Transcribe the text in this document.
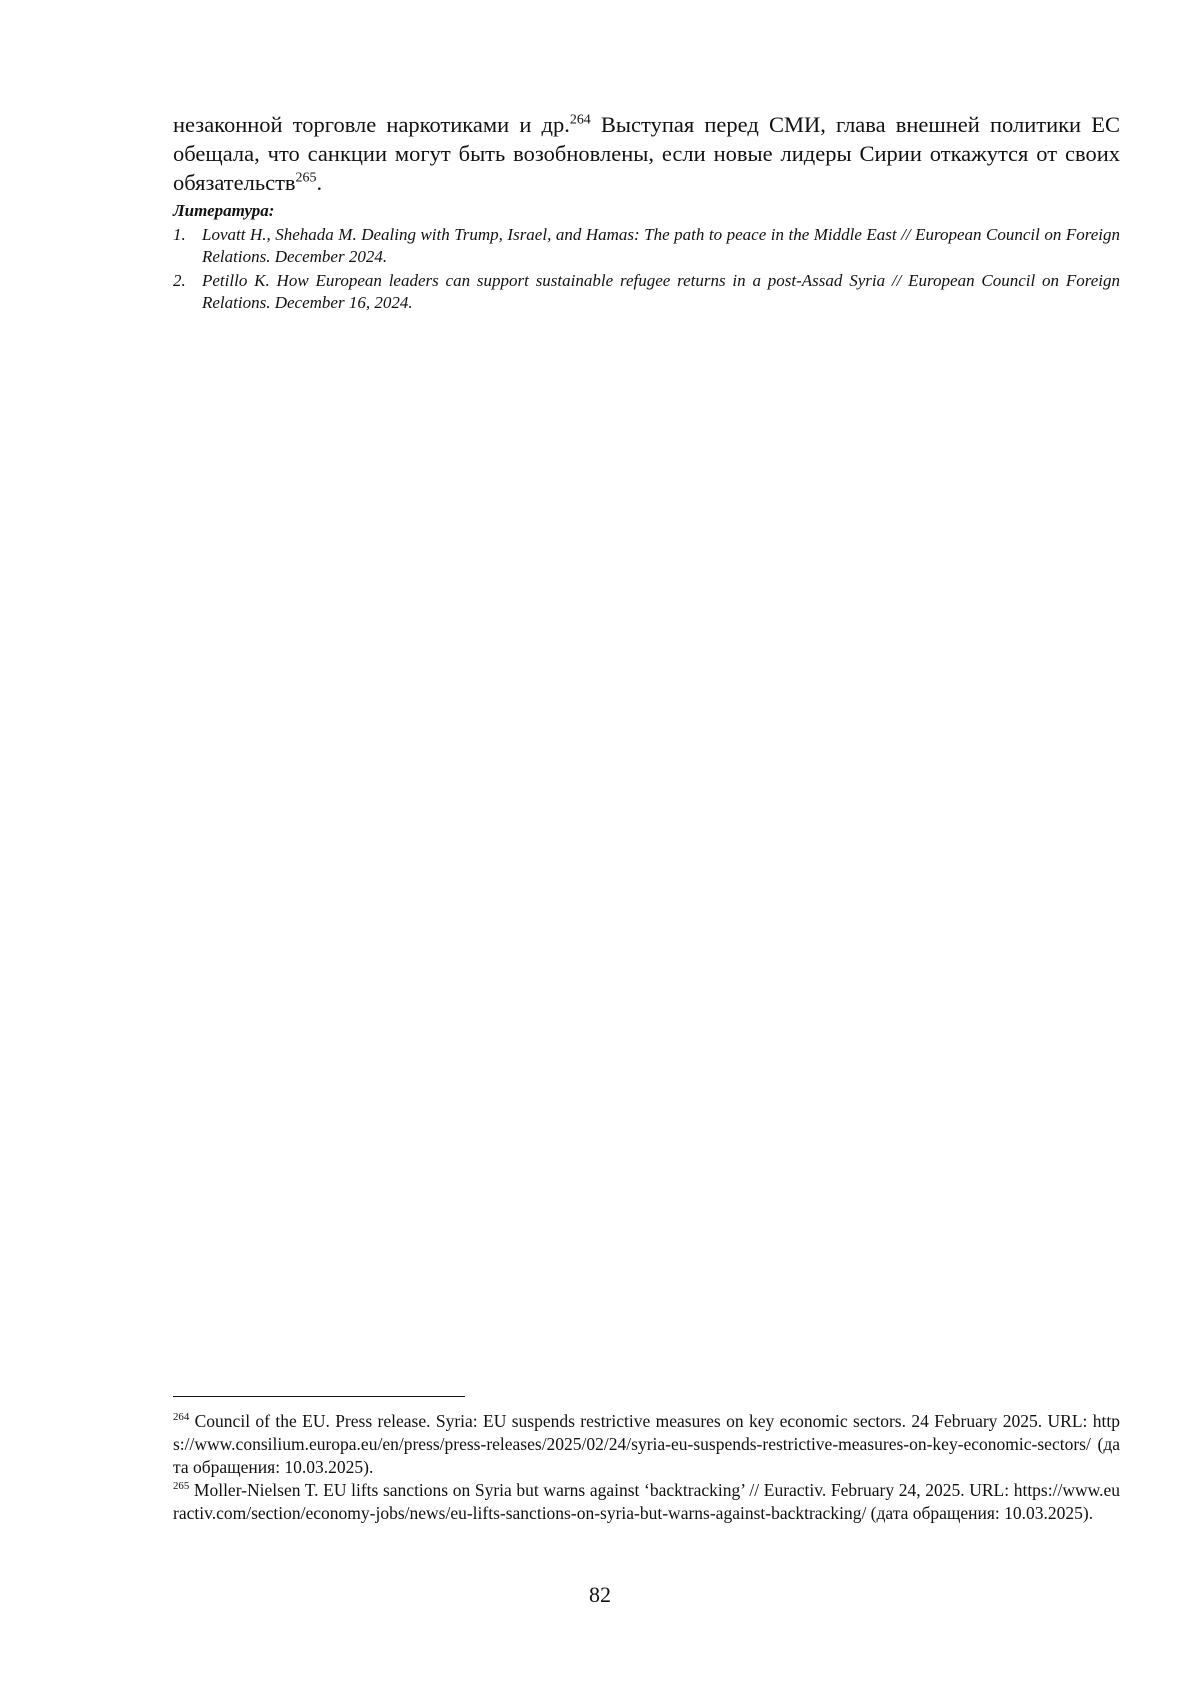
незаконной торговле наркотиками и др.$^{264}$ Выступая перед СМИ, глава внешней политики ЕС обещала, что санкции могут быть возобновлены, если новые лидеры Сирии откажутся от своих обязательств$^{265}$.

Литература:
1. Lovatt H., Shehada M. Dealing with Trump, Israel, and Hamas: The path to peace in the Middle East // European Council on Foreign Relations. December 2024.
2. Petillo K. How European leaders can support sustainable refugee returns in a post-Assad Syria // European Council on Foreign Relations. December 16, 2024.

$^{264}$ Council of the EU. Press release. Syria: EU suspends restrictive measures on key economic sectors. 24 February 2025. URL: https://www.consilium.europa.eu/en/press/press-releases/2025/02/24/syria-eu-suspends-restrictive-measures-on-key-economic-sectors/ (дата обращения: 10.03.2025).

$^{265}$ Moller-Nielsen T. EU lifts sanctions on Syria but warns against ‘backtracking’ // Euractiv. February 24, 2025. URL: https://www.euractiv.com/section/economy-jobs/news/eu-lifts-sanctions-on-syria-but-warns-against-backtracking/ (дата обращения: 10.03.2025).

82
